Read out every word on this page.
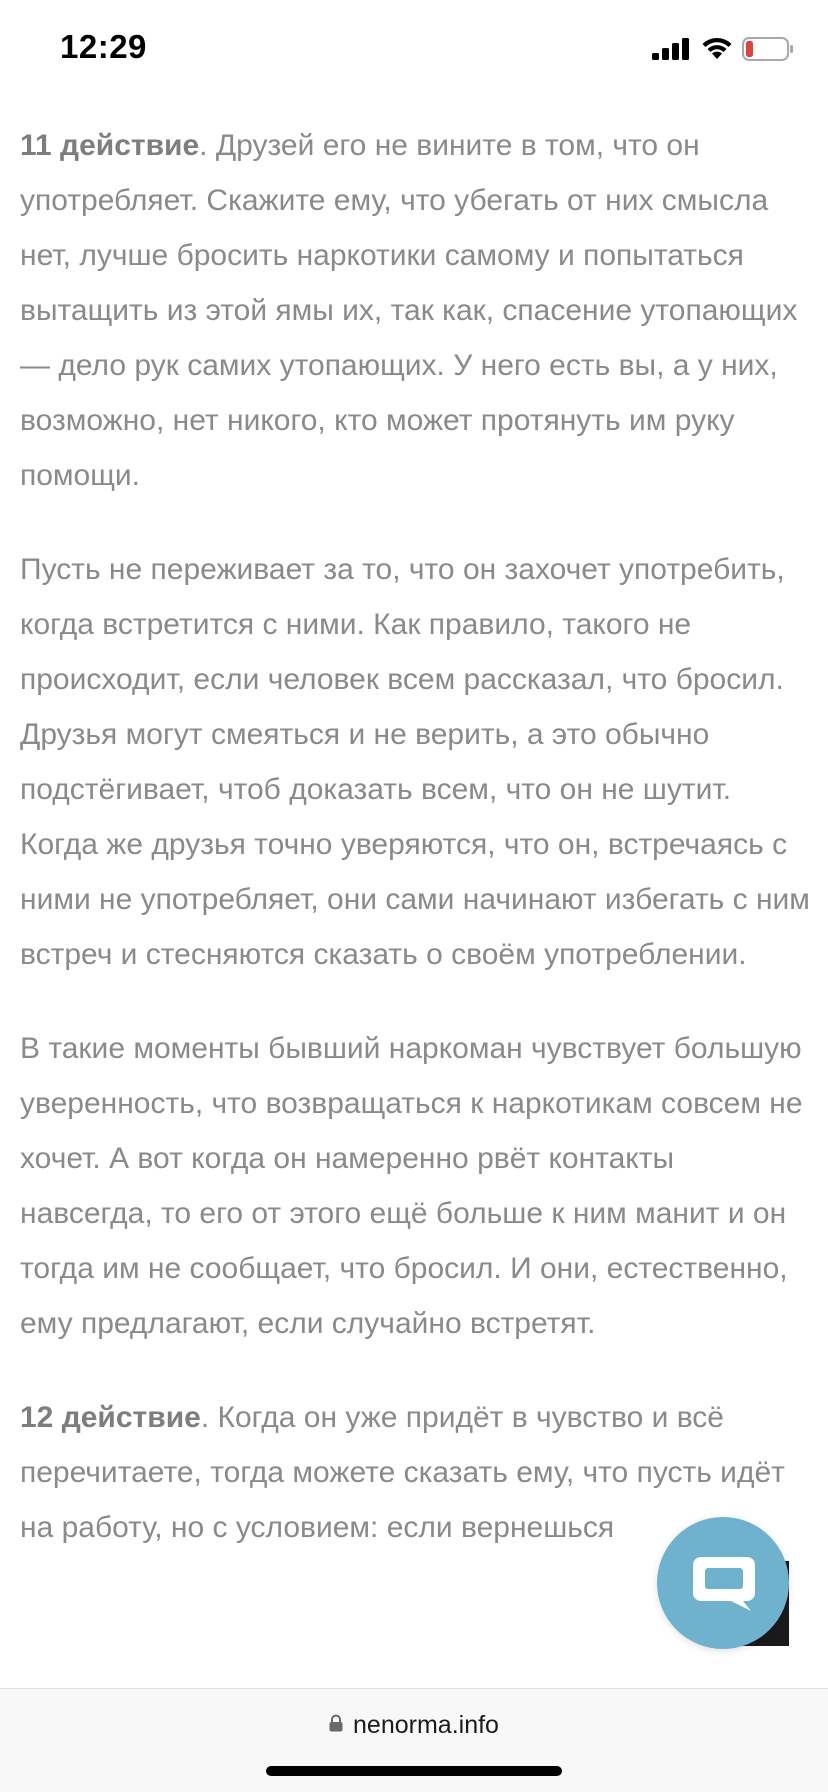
12:29

11 действие. Друзей его не вините в том, что он употребляет. Скажите ему, что убегать от них смысла нет, лучше бросить наркотики самому и попытаться вытащить из этой ямы их, так как, спасение утопающих — дело рук самих утопающих. У него есть вы, а у них, возможно, нет никого, кто может протянуть им руку помощи.

Пусть не переживает за то, что он захочет употребить, когда встретится с ними. Как правило, такого не происходит, если человек всем рассказал, что бросил. Друзья могут смеяться и не верить, а это обычно подстёгивает, чтоб доказать всем, что он не шутит. Когда же друзья точно уверяются, что он, встречаясь с ними не употребляет, они сами начинают избегать с ним встреч и стесняются сказать о своём употреблении.

В такие моменты бывший наркоман чувствует большую уверенность, что возвращаться к наркотикам совсем не хочет. А вот когда он намеренно рвёт контакты навсегда, то его от этого ещё больше к ним манит и он тогда им не сообщает, что бросил. И они, естественно, ему предлагают, если случайно встретят.

12 действие. Когда он уже придёт в чувство и всё перечитаете, тогда можете сказать ему, что пусть идёт на работу, но с условием: если вернешься

nenorma.info
